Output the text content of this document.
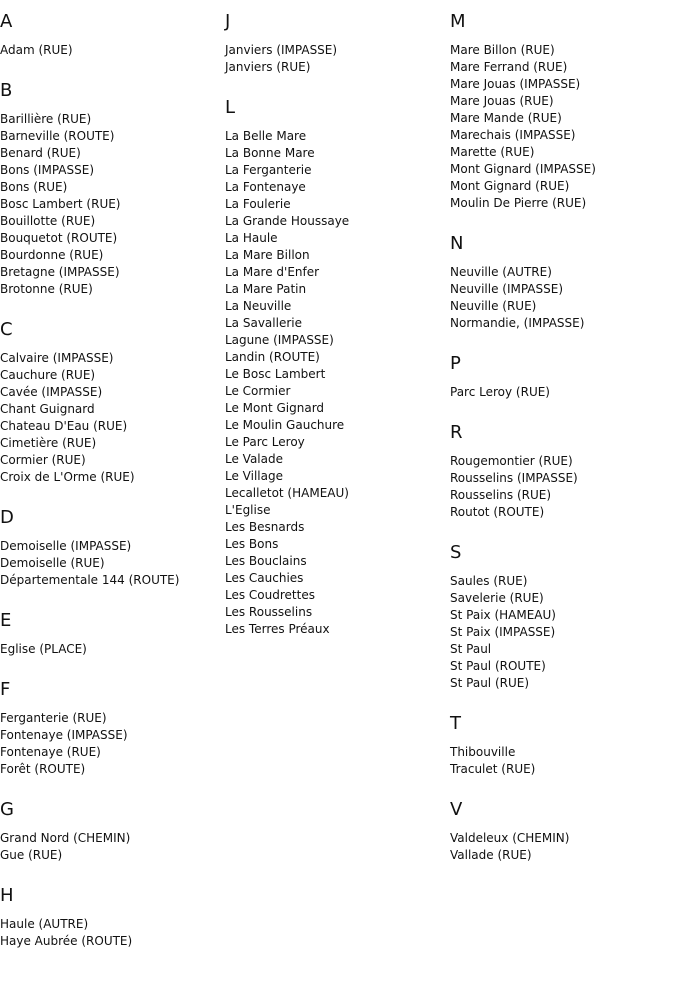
A
Adam (RUE)
B
Barillière (RUE)
Barneville (ROUTE)
Benard (RUE)
Bons (IMPASSE)
Bons (RUE)
Bosc Lambert (RUE)
Bouillotte (RUE)
Bouquetot (ROUTE)
Bourdonne (RUE)
Bretagne (IMPASSE)
Brotonne (RUE)
C
Calvaire (IMPASSE)
Cauchure (RUE)
Cavée (IMPASSE)
Chant Guignard
Chateau D'Eau (RUE)
Cimetière (RUE)
Cormier (RUE)
Croix de L'Orme (RUE)
D
Demoiselle (IMPASSE)
Demoiselle (RUE)
Départementale 144 (ROUTE)
E
Eglise (PLACE)
F
Ferganterie (RUE)
Fontenaye (IMPASSE)
Fontenaye (RUE)
Forêt (ROUTE)
G
Grand Nord (CHEMIN)
Gue (RUE)
H
Haule (AUTRE)
Haye Aubrée (ROUTE)
J
Janviers (IMPASSE)
Janviers (RUE)
L
La Belle Mare
La Bonne Mare
La Ferganterie
La Fontenaye
La Foulerie
La Grande Houssaye
La Haule
La Mare Billon
La Mare d'Enfer
La Mare Patin
La Neuville
La Savallerie
Lagune (IMPASSE)
Landin (ROUTE)
Le Bosc Lambert
Le Cormier
Le Mont Gignard
Le Moulin Gauchure
Le Parc Leroy
Le Valade
Le Village
Lecalletot (HAMEAU)
L'Eglise
Les Besnards
Les Bons
Les Bouclains
Les Cauchies
Les Coudrettes
Les Rousselins
Les Terres Préaux
M
Mare Billon (RUE)
Mare Ferrand (RUE)
Mare Jouas (IMPASSE)
Mare Jouas (RUE)
Mare Mande (RUE)
Marechais (IMPASSE)
Marette (RUE)
Mont Gignard (IMPASSE)
Mont Gignard (RUE)
Moulin De Pierre (RUE)
N
Neuville (AUTRE)
Neuville (IMPASSE)
Neuville (RUE)
Normandie, (IMPASSE)
P
Parc Leroy (RUE)
R
Rougemontier (RUE)
Rousselins (IMPASSE)
Rousselins (RUE)
Routot (ROUTE)
S
Saules (RUE)
Savelerie (RUE)
St Paix (HAMEAU)
St Paix (IMPASSE)
St Paul
St Paul (ROUTE)
St Paul (RUE)
T
Thibouville
Traculet (RUE)
V
Valdeleux (CHEMIN)
Vallade (RUE)
